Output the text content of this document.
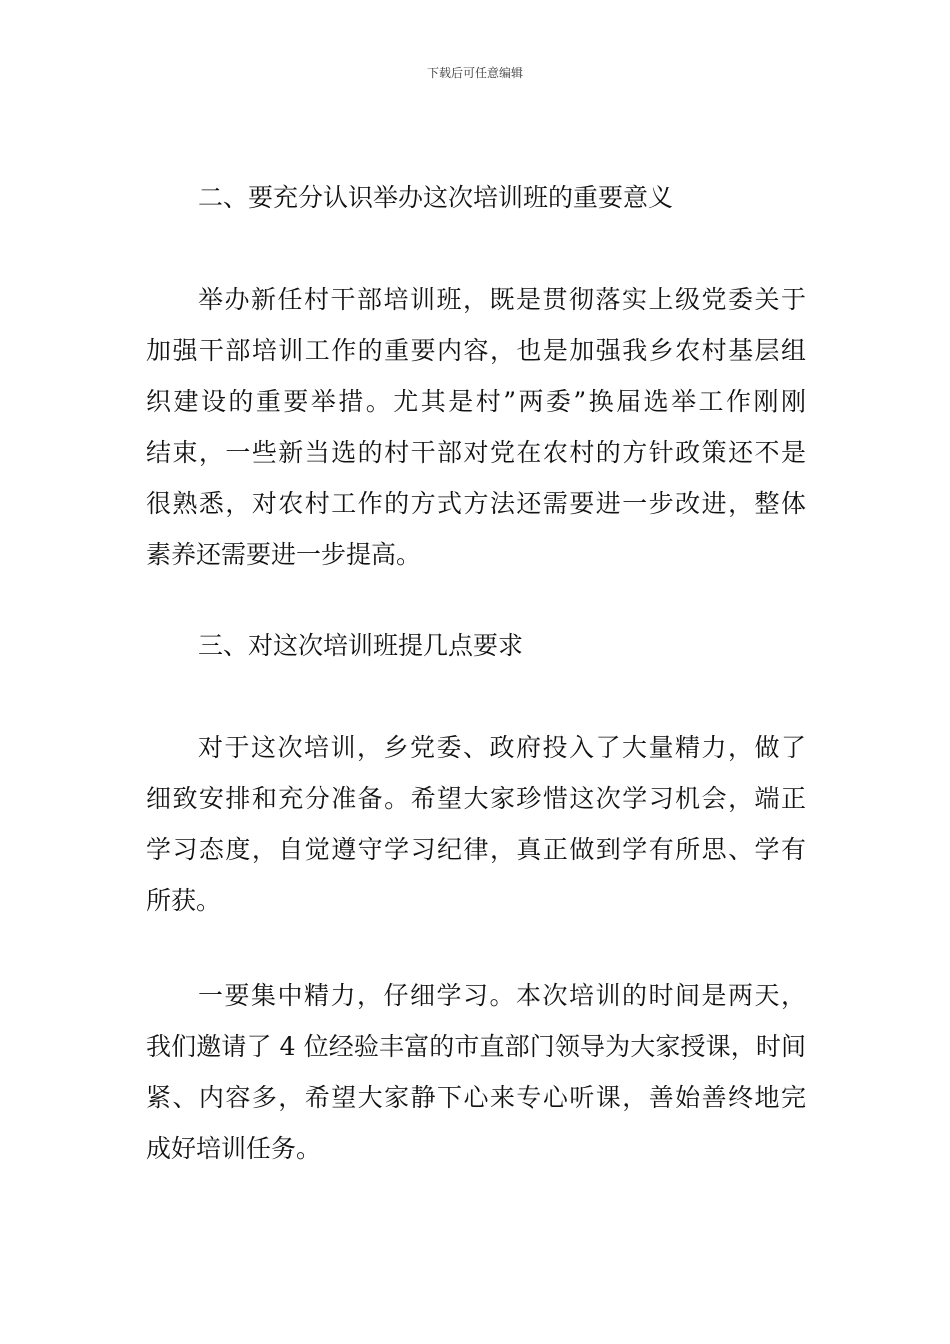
下载后可任意编辑
二、要充分认识举办这次培训班的重要意义
举办新任村干部培训班，既是贯彻落实上级党委关于
加强干部培训工作的重要内容，也是加强我乡农村基层组
织建设的重要举措。尤其是村”两委”换届选举工作刚刚
结束，一些新当选的村干部对党在农村的方针政策还不是
很熟悉，对农村工作的方式方法还需要进一步改进，整体
素养还需要进一步提高。
三、对这次培训班提几点要求
对于这次培训，乡党委、政府投入了大量精力，做了
细致安排和充分准备。希望大家珍惜这次学习机会，端正
学习态度，自觉遵守学习纪律，真正做到学有所思、学有
所获。
一要集中精力，仔细学习。本次培训的时间是两天，
我们邀请了 4 位经验丰富的市直部门领导为大家授课，时间
紧、内容多，希望大家静下心来专心听课，善始善终地完
成好培训任务。
